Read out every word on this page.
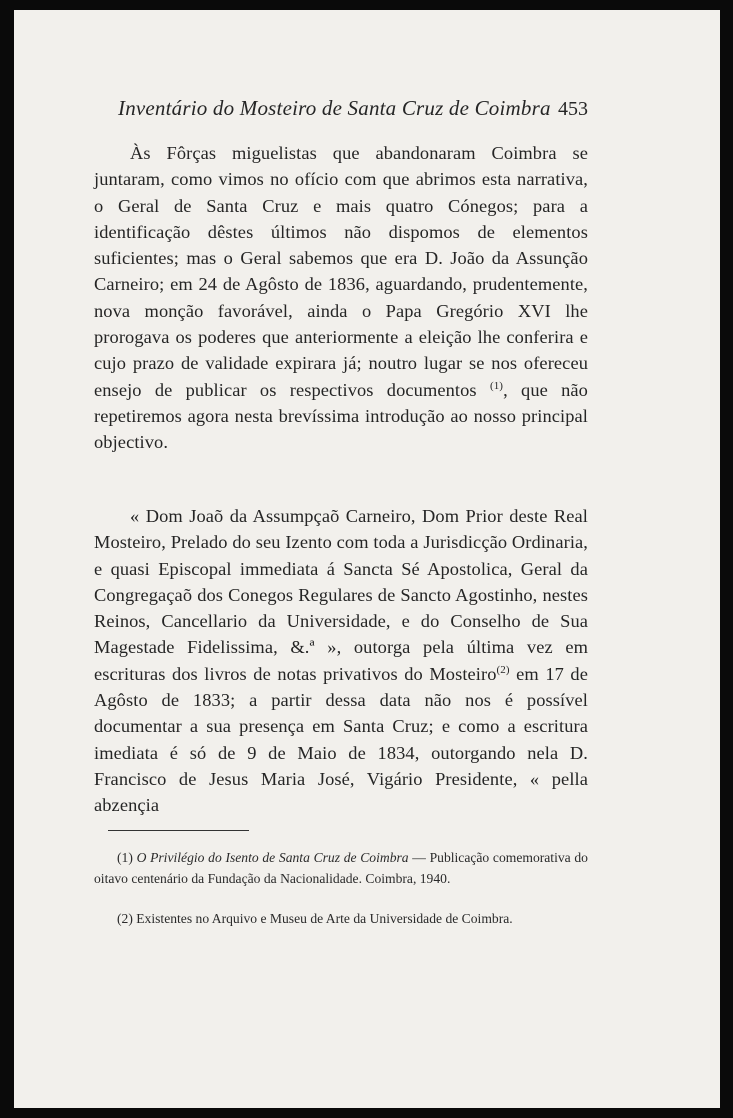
Inventário do Mosteiro de Santa Cruz de Coimbra 453

Às Fôrças miguelistas que abandonaram Coimbra se juntaram, como vimos no ofício com que abrimos esta narrativa, o Geral de Santa Cruz e mais quatro Cónegos; para a identificação dêstes últimos não dispomos de elementos suficientes; mas o Geral sabemos que era D. João da Assunção Carneiro; em 24 de Agôsto de 1836, aguardando, prudentemente, nova monção favorável, ainda o Papa Gregório XVI lhe prorogava os poderes que anteriormente a eleição lhe conferira e cujo prazo de validade expirara já; noutro lugar se nos ofereceu ensejo de publicar os respectivos documentos $^{(1)}$, que não repetiremos agora nesta brevíssima introdução ao nosso principal objectivo.

« Dom Joaõ da Assumpçaõ Carneiro, Dom Prior deste Real Mosteiro, Prelado do seu Izento com toda a Jurisdicção Ordinaria, e quasi Episcopal immediata á Sancta Sé Apostolica, Geral da Congregaçaõ dos Conegos Regulares de Sancto Agostinho, nestes Reinos, Cancellario da Universidade, e do Conselho de Sua Magestade Fidelissima, &.ª », outorga pela última vez em escrituras dos livros de notas privativos do Mosteiro$^{(2)}$ em 17 de Agôsto de 1833; a partir dessa data não nos é possível documentar a sua presença em Santa Cruz; e como a escritura imediata é só de 9 de Maio de 1834, outorgando nela D. Francisco de Jesus Maria José, Vigário Presidente, « pella abzençia

(1) O Privilégio do Isento de Santa Cruz de Coimbra — Publicação comemorativa do oitavo centenário da Fundação da Nacionalidade. Coimbra, 1940.

(2) Existentes no Arquivo e Museu de Arte da Universidade de Coimbra.
